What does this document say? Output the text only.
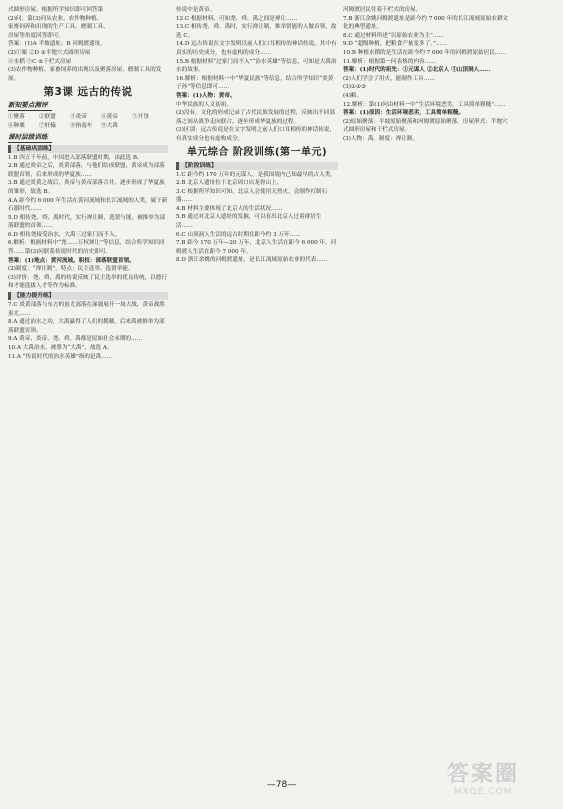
式圆形房屋。根据所学知识即可回答第

(2)问。第(3)问从农业、农作物种植、

家畜饲养和出现的生产工具、磨制工具、

房屋等角度回答即可。

答案：(1)A 半坡遗址；B 河姆渡遗址。

(2)①粟 ②D ③半地穴式圆形房屋

④水稻 ⑤C ⑥干栏式房屋

(3)农作物种植、家畜饲养的出现以及聚落房屋、磨制工具的发展。

第3课 远古的传说
新知要点测评
①聚落	②联盟	③炎帝	④黄帝	⑤开垦
⑥种粟	⑦轩辕	⑧指南车	⑨大禹
课时层级训练
【基础巩固练】

1.B 四五千年前，中国进入部落联盟时期，由此选 B。

2.B 通过炎帝之后，炎黄部落，与他们结成联盟，黄帝成为部落联盟首领，后来形成的华夏族……

3.B 通过炎黄之战后，炎帝与黄帝部落合并，逐步形成了华夏族的雏形，故选 B。

4.A 距今约 6 000 年生活在黄河流域和长江流域的人类，属于新石器时代……

5.D 相传尧、舜、禹时代，实行禅让制，选贤与能，被推举为部落联盟的首领……

6.D 相传尧接受治水，大禹三过家门而不入。

6.解析：根据材料中“尧……万权禅让”等信息，结合所学知识回答……第(3)问联系传说时代的历史即可。

答案：(1)地点：黄河流域。职权：部落联盟首领。

(2)制度：“禅让制”。特点：民主选举、选贤举能。

(3)评价：尧、舜、禹的传说反映了民主选举的优良传统，以德行和才能选拔人才等作为标准。

【能力提升练】

7.C 炎黄部落与东方的蚩尤部落在涿鹿展开一场大战，黄帝战胜蚩尤……

8.A 通过治水之功，大禹赢得了人们的拥戴，后来禹被推举为部落联盟首领。

9.A 黄帝、炎帝、尧、舜、禹都是原始社会末期的……

10.A 大禹治水，被尊为“大禹”，故选 A。

11.A “传说时代的治水英雄”指的是禹……

传说中是黄帝。

12.C 根据材料，可知尧、舜、禹之间是禅让……

13.C 相传尧、舜、禹时，实行禅让制，推举贤能的人做首领，故选 C。

14.D 远古传说在文字发明以前人们口耳相传的神话传说，其中有真实的历史成分，也有虚构的成分……

15.B 根据材料“过家门而不入”“治水英雄”等信息，可知是大禹治水的故事。

16.解析：根据材料一中“华夏民族”等信息，结合所学知识“炎黄子孙”等信息即可……

答案：(1)人物：黄帝。

中华民族的人文初祖。

(2)没有。文化的形成记录了古代民族发展的过程，反映出不同部落之间从战争走向联合，逐步形成华夏族的过程。

(3)区别：远古传说是在文字发明之前人们口耳相传的神话传说，有真实成分也有虚构成分。

单元综合 阶段训练(第一单元)
【阶段训练】

1.C 距今约 170 万年的元谋人，是我国境内已知最早的古人类。

2.B 北京人遗址位于北京周口店龙骨山上。

3.C 根据所学知识可知，北京人会使用天然火，会制作打制石器……

4.B 材料主要体现了北京人的生活状况……

5.B 通过对北京人遗址的发掘，可以看出北京人过着群居生活……

6.C 山顶洞人生活的远古时期在距今约 3 万年……

7.B 距今 170 万年—20 万年，北京人生活在距今 6 000 年，河姆渡人生活在距今 7 000 年。

8.D 浙江余姚的河姆渡遗址，是长江流域原始农业的代表……

河姆渡居民住着干栏式的房屋。

7.B 浙江余姚河姆渡遗址是距今约 7 000 年的长江流域原始农耕文化的典型遗址。

8.C 通过材料所述“以原始农业为主”……

9.D “超级种植，把粮食产量变多了。”……

10.B 种植水稻的是生活在距今约 7 000 年的河姆渡原始居民……

11.解析：根据第一问表格的内容……

答案：(1)时代的祖先：①元谋人 ②北京人 ③山顶洞人……

(2)人们学会了用火，能制作工具……

(3)①②③

(4)略。

12.解析：第(1)问由材料一中“生活环境恶劣，工具简单粗糙”……

答案：(1)原因：生活环境恶劣，工具简单粗糙。

(2)原始聚落：半坡原始聚落和河姆渡原始聚落。房屋形式：半地穴式圆形房屋和干栏式房屋。

(3)人物：禹。制度：禅让制。

—78—	答案圈
MXQE.COM
